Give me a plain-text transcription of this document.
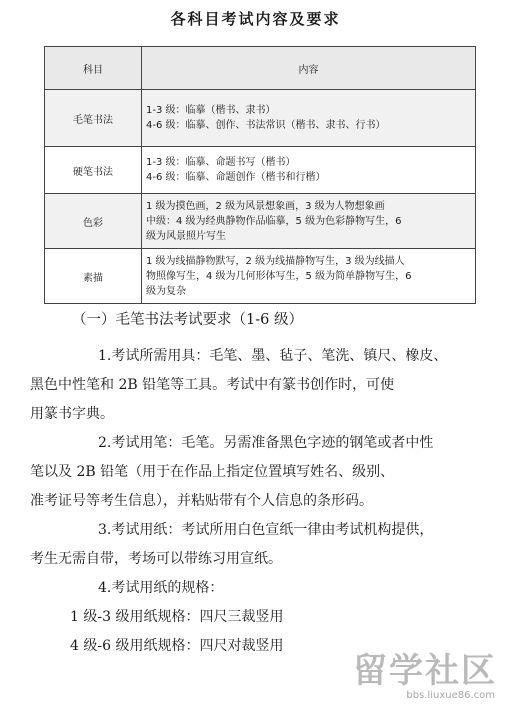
各科目考试内容及要求
科目	内容
毛笔书法	1-3 级：临摹（楷书、隶书）
4-6 级：临摹、创作、书法常识（楷书、隶书、行书）

硬笔书法	1-3 级：临摹、命题书写（楷书）
4-6 级：临摹、命题创作（楷书和行楷）

色彩	1 级为摸色画，2 级为风景想象画，3 级为人物想象画
中级：4 级为经典静物作品临摹，5 级为色彩静物写生，6
级为风景照片写生

素描	1 级为线描静物默写，2 级为线描静物写生，3 级为线描人
物照像写生，4 级为几何形体写生，5 级为简单静物写生，6
级为复杂
（一）毛笔书法考试要求（1-6 级）
1.考试所需用具：毛笔、墨、毡子、笔洗、镇尺、橡皮、
黑色中性笔和 2B 铅笔等工具。考试中有篆书创作时，可使
用篆书字典。
2.考试用笔：毛笔。另需准备黑色字迹的钢笔或者中性
笔以及 2B 铅笔（用于在作品上指定位置填写姓名、级别、
准考证号等考生信息），并粘贴带有个人信息的条形码。
3.考试用纸：考试所用白色宣纸一律由考试机构提供，
考生无需自带，考场可以带练习用宣纸。
4.考试用纸的规格：
1 级-3 级用纸规格：四尺三裁竖用
4 级-6 级用纸规格：四尺对裁竖用
留学社区
bbs.liuxue86.com
